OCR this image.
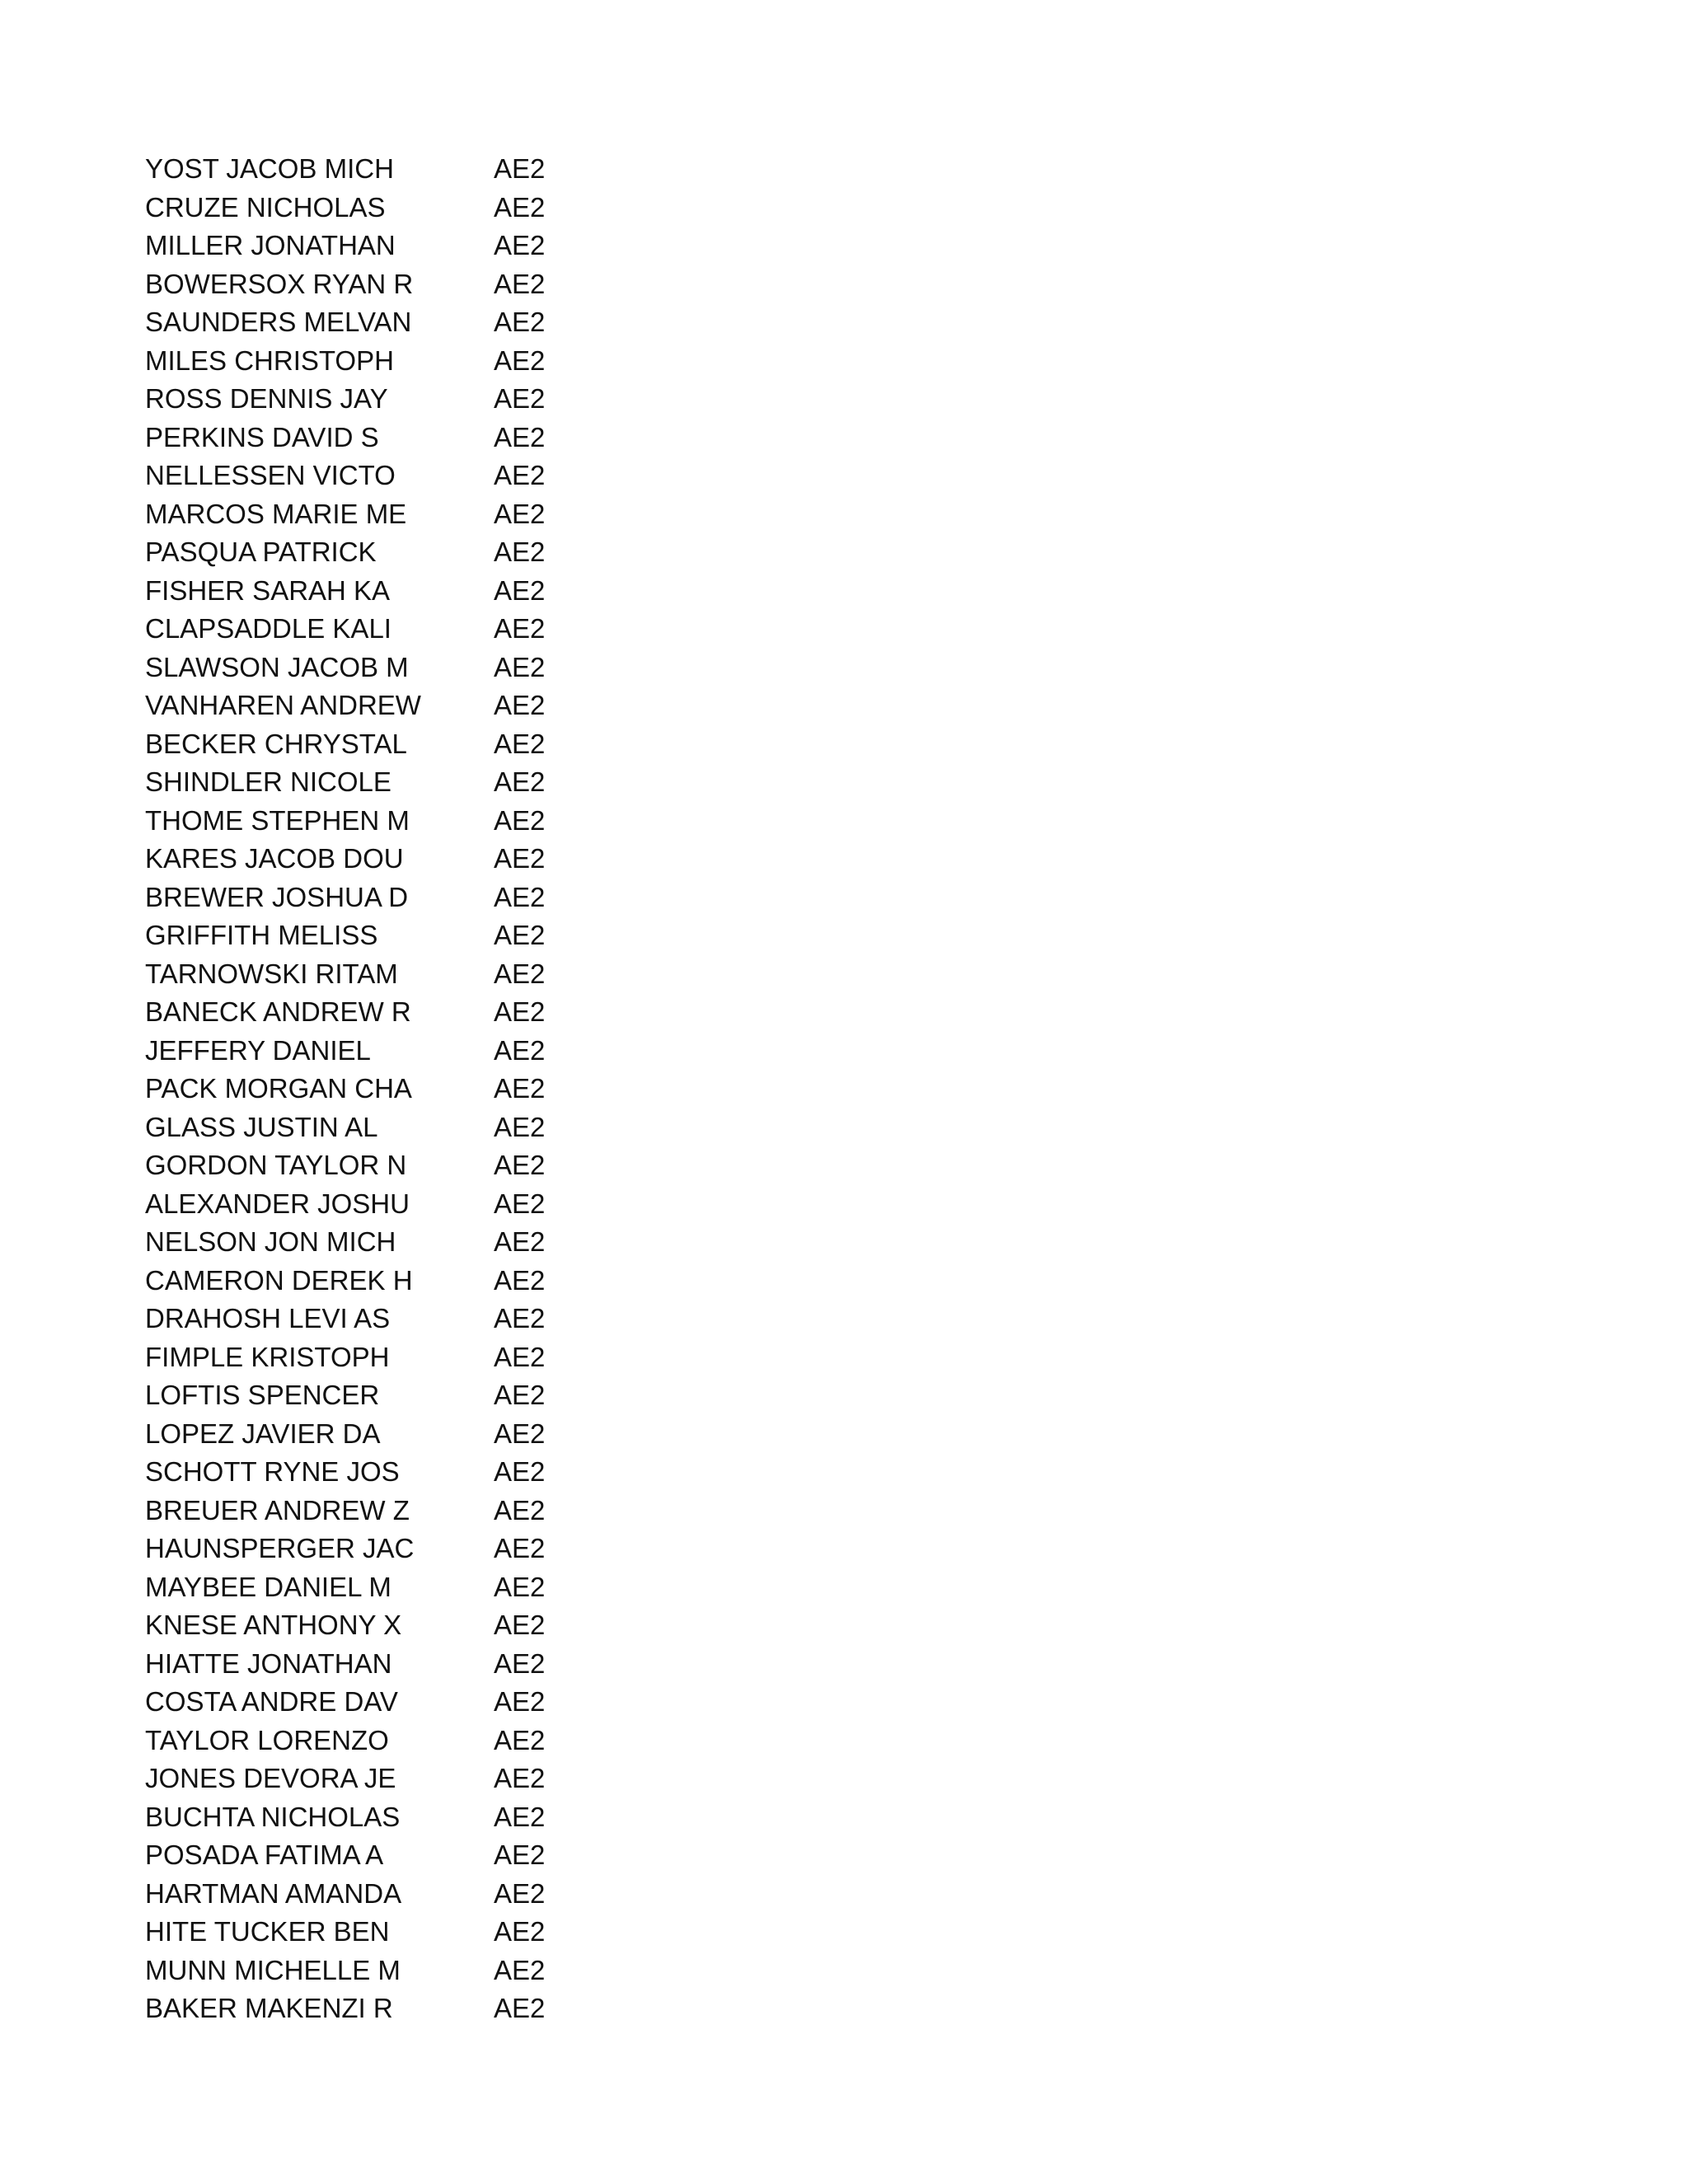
YOST JACOB MICH	AE2
CRUZE NICHOLAS	AE2
MILLER JONATHAN	AE2
BOWERSOX RYAN R	AE2
SAUNDERS MELVAN	AE2
MILES CHRISTOPH	AE2
ROSS DENNIS JAY	AE2
PERKINS DAVID S	AE2
NELLESSEN VICTO	AE2
MARCOS MARIE ME	AE2
PASQUA PATRICK	AE2
FISHER SARAH KA	AE2
CLAPSADDLE KALI	AE2
SLAWSON JACOB M	AE2
VANHAREN ANDREW	AE2
BECKER CHRYSTAL	AE2
SHINDLER NICOLE	AE2
THOME STEPHEN M	AE2
KARES JACOB DOU	AE2
BREWER JOSHUA D	AE2
GRIFFITH MELISS	AE2
TARNOWSKI RITAM	AE2
BANECK ANDREW R	AE2
JEFFERY DANIEL	AE2
PACK MORGAN CHA	AE2
GLASS JUSTIN AL	AE2
GORDON TAYLOR N	AE2
ALEXANDER JOSHU	AE2
NELSON JON MICH	AE2
CAMERON DEREK H	AE2
DRAHOSH LEVI AS	AE2
FIMPLE KRISTOPH	AE2
LOFTIS SPENCER	AE2
LOPEZ JAVIER DA	AE2
SCHOTT RYNE JOS	AE2
BREUER ANDREW Z	AE2
HAUNSPERGER JAC	AE2
MAYBEE DANIEL M	AE2
KNESE ANTHONY X	AE2
HIATTE JONATHAN	AE2
COSTA ANDRE DAV	AE2
TAYLOR LORENZO	AE2
JONES DEVORA JE	AE2
BUCHTA NICHOLAS	AE2
POSADA FATIMA A	AE2
HARTMAN AMANDA	AE2
HITE TUCKER BEN	AE2
MUNN MICHELLE M	AE2
BAKER MAKENZI R	AE2
